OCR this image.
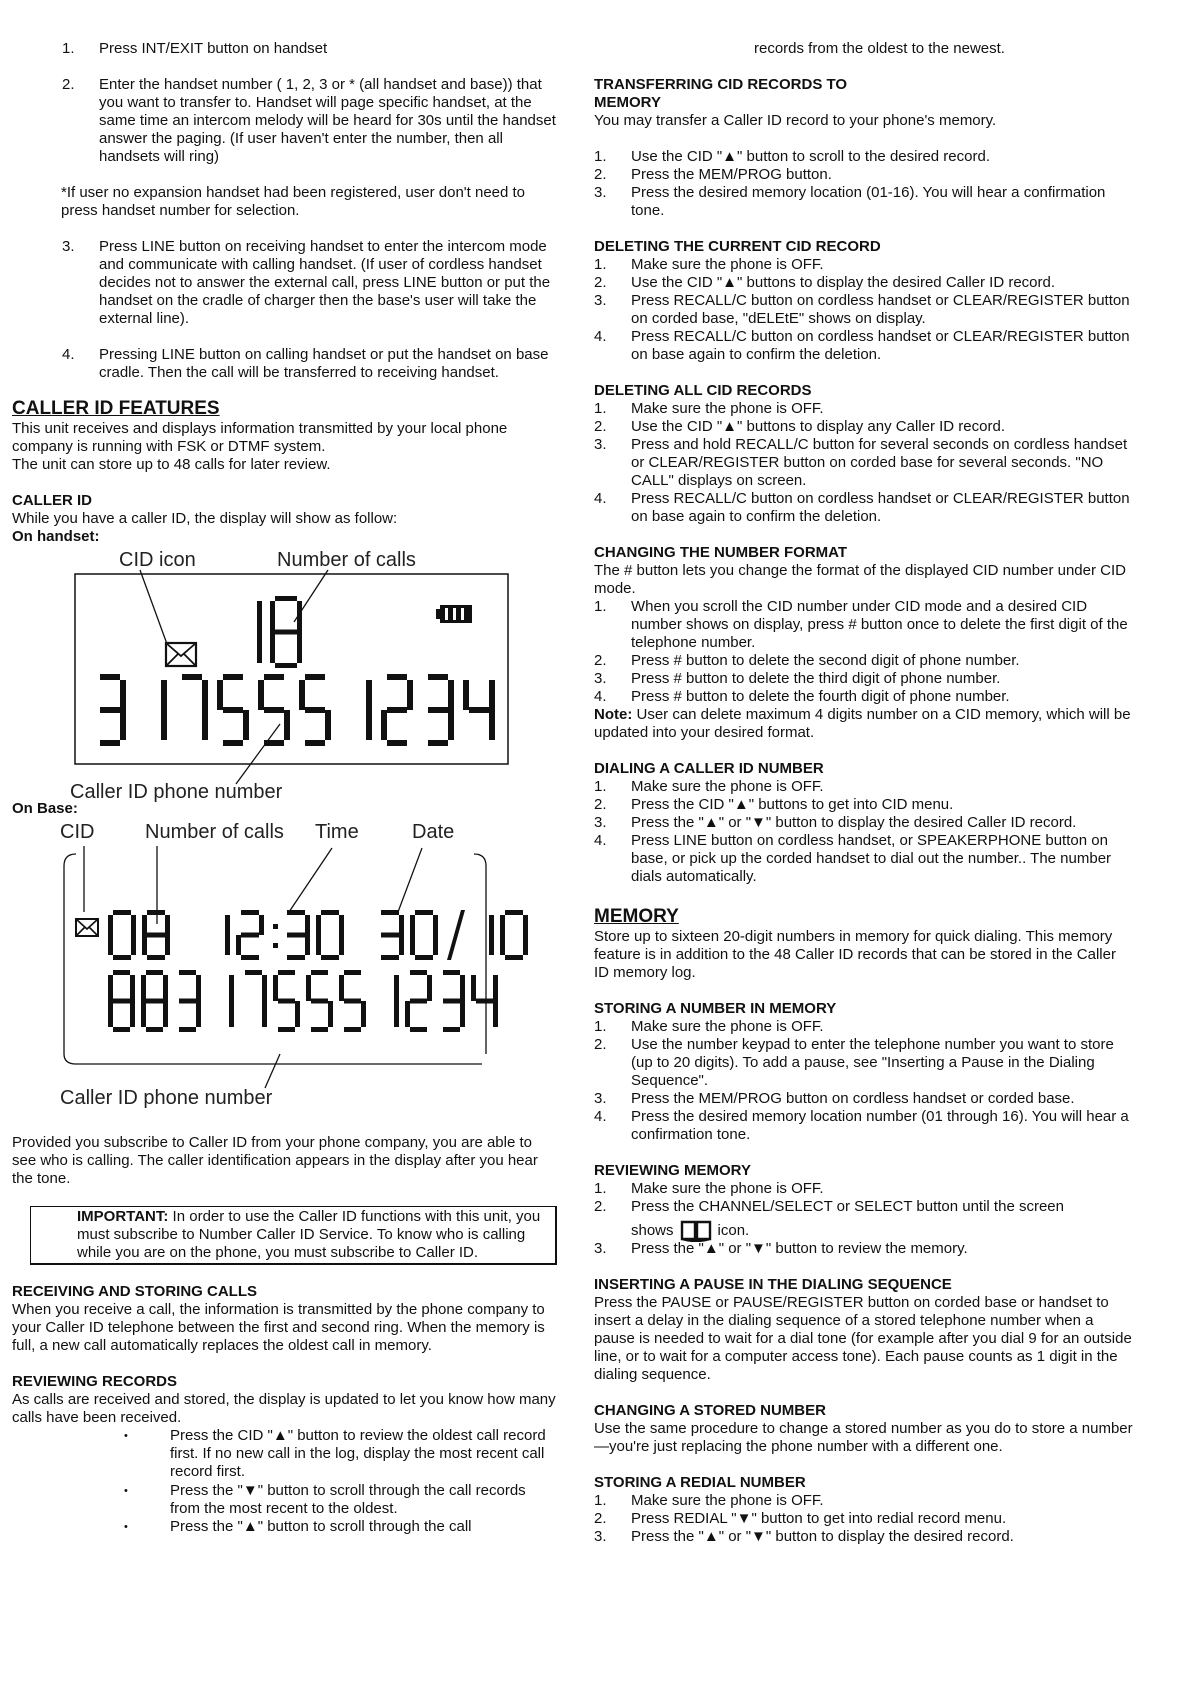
1.	Press INT/EXIT button on handset
2.	Enter the handset number ( 1, 2, 3 or * (all handset and base)) that you want to transfer to. Handset will page specific handset, at the same time an intercom melody will be heard for 30s until the handset answer the paging. (If user haven't enter the number, then all handsets will ring)

*If user no expansion handset had been registered, user don't need to press handset number for selection.

3.	Press LINE button on receiving handset to enter the intercom mode and communicate with calling handset. (If user of cordless handset decides not to answer the external call, press LINE button or put the handset on the cradle of charger then the base's user will take the external line).
4.	Pressing LINE button on calling handset or put the handset on base cradle. Then the call will be transferred to receiving handset.
CALLER ID FEATURES

This unit receives and displays information transmitted by your local phone company is running with FSK or DTMF system.

The unit can store up to 48 calls for later review.

CALLER ID

While you have a caller ID, the display will show as follow:

On handset:
CID icon	Number of calls
Caller ID phone number
On Base:
CID	Number of calls Time	Date
Caller ID phone number

Provided you subscribe to Caller ID from your phone company, you are able to see who is calling. The caller identification appears in the display after you hear the tone.

IMPORTANT: In order to use the Caller ID functions with this unit, you must subscribe to Number Caller ID Service. To know who is calling while you are on the phone, you must subscribe to Caller ID.
RECEIVING AND STORING CALLS

When you receive a call, the information is transmitted by the phone company to your Caller ID telephone between the first and second ring. When the memory is full, a new call automatically replaces the oldest call in memory.

REVIEWING RECORDS

As calls are received and stored, the display is updated to let you know how many calls have been received.

• Press the CID "▲" button to review the oldest call record first. If no new call in the log, display the most recent call record first.
• Press the "▼" button to scroll through the call records from the most recent to the oldest.
• Press the "▲" button to scroll through the call

records from the oldest to the newest.

TRANSFERRING CID RECORDS TO MEMORY

You may transfer a Caller ID record to your phone's memory.

1.	Use the CID "▲" button to scroll to the desired record.
2.	Press the MEM/PROG button.
3.	Press the desired memory location (01-16). You will hear a confirmation tone.
DELETING THE CURRENT CID RECORD
1.	Make sure the phone is OFF.
2.	Use the CID "▲" buttons to display the desired Caller ID record.
3.	Press RECALL/C button on cordless handset or CLEAR/REGISTER button on corded base, "dELEtE" shows on display.
4.	Press RECALL/C button on cordless handset or CLEAR/REGISTER button on base again to confirm the deletion.
DELETING ALL CID RECORDS
1.	Make sure the phone is OFF.
2.	Use the CID "▲" buttons to display any Caller ID record.
3.	Press and hold RECALL/C button for several seconds on cordless handset or CLEAR/REGISTER button on corded base for several seconds. "NO CALL" displays on screen.
4.	Press RECALL/C button on cordless handset or CLEAR/REGISTER button on base again to confirm the deletion.
CHANGING THE NUMBER FORMAT

The # button lets you change the format of the displayed CID number under CID mode.

1.	When you scroll the CID number under CID mode and a desired CID number shows on display, press # button once to delete the first digit of the telephone number.
2.	Press # button to delete the second digit of phone number.
3.	Press # button to delete the third digit of phone number.
4.	Press # button to delete the fourth digit of phone number.

Note: User can delete maximum 4 digits number on a CID memory, which will be updated into your desired format.

DIALING A CALLER ID NUMBER
1.	Make sure the phone is OFF.
2.	Press the CID "▲" buttons to get into CID menu.
3.	Press the "▲" or "▼" button to display the desired Caller ID record.
4.	Press LINE button on cordless handset, or SPEAKERPHONE button on base, or pick up the corded handset to dial out the number.. The number dials automatically.
MEMORY

Store up to sixteen 20-digit numbers in memory for quick dialing. This memory feature is in addition to the 48 Caller ID records that can be stored in the Caller ID memory log.

STORING A NUMBER IN MEMORY
1.	Make sure the phone is OFF.
2.	Use the number keypad to enter the telephone number you want to store (up to 20 digits). To add a pause, see "Inserting a Pause in the Dialing Sequence".
3.	Press the MEM/PROG button on cordless handset or corded base.
4.	Press the desired memory location number (01 through 16). You will hear a confirmation tone.
REVIEWING MEMORY
1.	Make sure the phone is OFF.
2.	Press the CHANNEL/SELECT or SELECT button until the screen
shows	icon.
3.	Press the "▲" or "▼" button to review the memory.
INSERTING A PAUSE IN THE DIALING SEQUENCE

Press the PAUSE or PAUSE/REGISTER button on corded base or handset to insert a delay in the dialing sequence of a stored telephone number when a pause is needed to wait for a dial tone (for example after you dial 9 for an outside line, or to wait for a computer access tone). Each pause counts as 1 digit in the dialing sequence.

CHANGING A STORED NUMBER

Use the same procedure to change a stored number as you do to store a number—you're just replacing the phone number with a different one.

STORING A REDIAL NUMBER
1.	Make sure the phone is OFF.
2.	Press REDIAL "▼" button to get into redial record menu.
3.	Press the "▲" or "▼" button to display the desired record.
